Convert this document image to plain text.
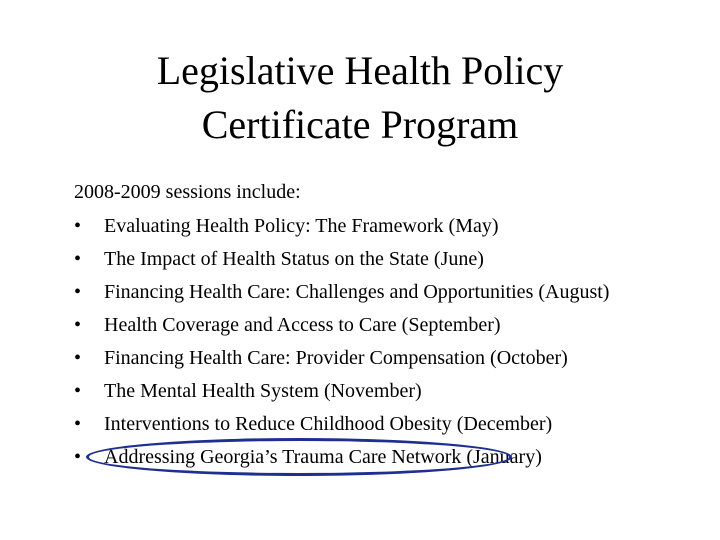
Legislative Health Policy
Certificate Program

2008-2009 sessions include:

• Evaluating Health Policy: The Framework (May)
• The Impact of Health Status on the State (June)
• Financing Health Care: Challenges and Opportunities (August)
• Health Coverage and Access to Care (September)
• Financing Health Care: Provider Compensation (October)
• The Mental Health System (November)
• Interventions to Reduce Childhood Obesity (December)
• Addressing Georgia’s Trauma Care Network (January)
